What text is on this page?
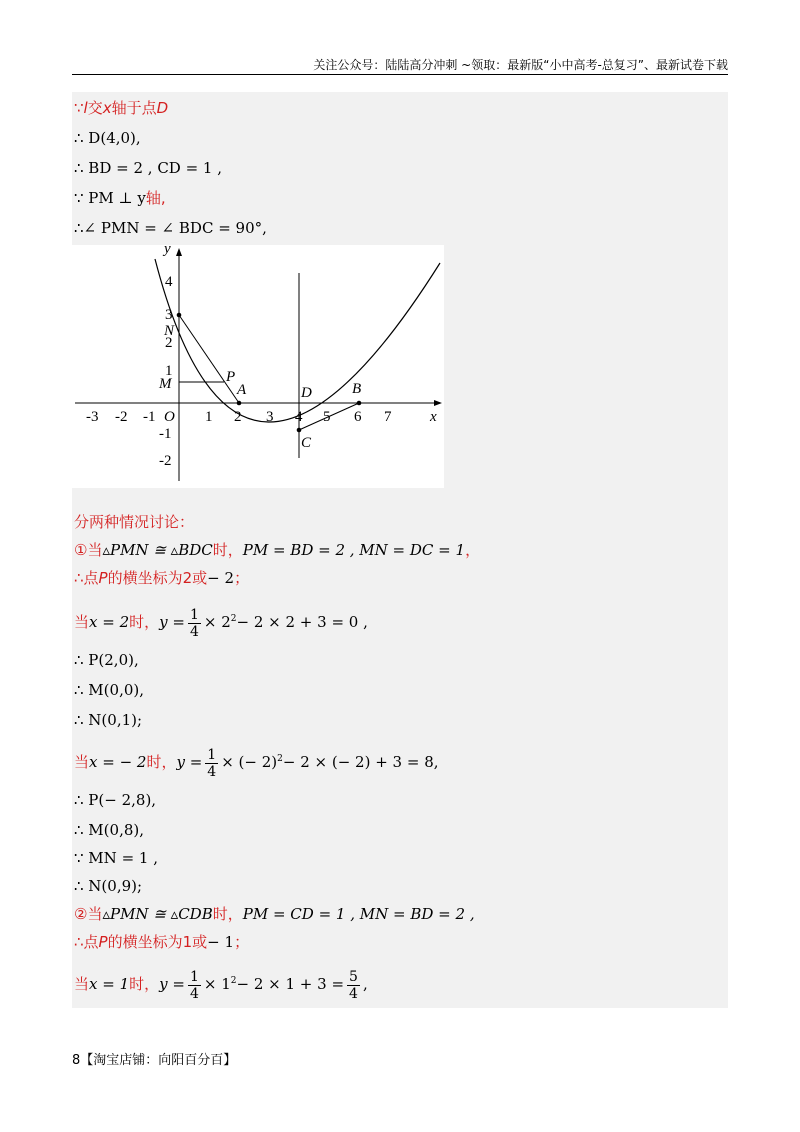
关注公众号：陆陆高分冲刺 ~领取：最新版“小中高考-总复习”、最新试卷下载
∵l交x轴于点D
∴ D(4,0),
∴ BD = 2 , CD = 1 ,
∵ PM ⊥ y轴,
∴∠ PMN = ∠ BDC = 90°,
-3 -2 -1	1 2 3 4 5 6 7
4
3
2
1
-1
-2
x
y
O
N
M	P
A	D	B
C
分两种情况讨论：
①当▵PMN ≅ ▵BDC时，PM = BD = 2 , MN = DC = 1，
∴点P的横坐标为2或− 2；
当x = 2时，$y = \frac{1}{4} \times 2^2- 2 \times 2 + 3 = 0$ ,
∴ P(2,0),
∴ M(0,0),
∴ N(0,1);
当x = − 2时，$y = \frac{1}{4}$ × (− 2)$^2$− 2 × (− 2) + 3 = 8,
∴ P(− 2,8),
∴ M(0,8),
∵ MN = 1 ,
∴ N(0,9);
②当▵PMN ≅ ▵CDB时，PM = CD = 1 , MN = BD = 2 ,
∴点P的横坐标为1或− 1；
当x = 1时，$y = \frac{1}{4} \times 1^2- 2 \times 1 + 3 = \frac{5}{4}$ ,
8【淘宝店铺：向阳百分百】
